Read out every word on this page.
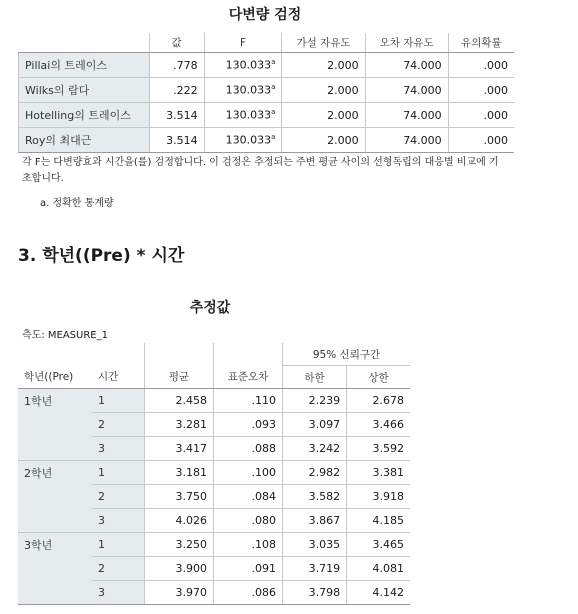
다변량 검정
	값	F	가설 자유도	오차 자유도	유의확률
Pillai의 트레이스	.778	130.033$^a$	2.000	74.000	.000
Wilks의 람다	.222	130.033$^a$	2.000	74.000	.000
Hotelling의 트레이스	3.514	130.033$^a$	2.000	74.000	.000
Roy의 최대근	3.514	130.033$^a$	2.000	74.000	.000
각 F는 다변량효과 시간을(를) 검정합니다. 이 검정은 추정되는 주변 평균 사이의 선형독립의 대응별 비교에 기초합니다.
a. 정확한 통계량
3. 학년((Pre) * 시간
추정값
측도: MEASURE_1
				95% 신뢰구간	
학년((Pre)	시간	평균	표준오차	하한	상한
1학년	1	2.458	.110	2.239	2.678
	2	3.281	.093	3.097	3.466
	3	3.417	.088	3.242	3.592
2학년	1	3.181	.100	2.982	3.381
	2	3.750	.084	3.582	3.918
	3	4.026	.080	3.867	4.185
3학년	1	3.250	.108	3.035	3.465
	2	3.900	.091	3.719	4.081
	3	3.970	.086	3.798	4.142
